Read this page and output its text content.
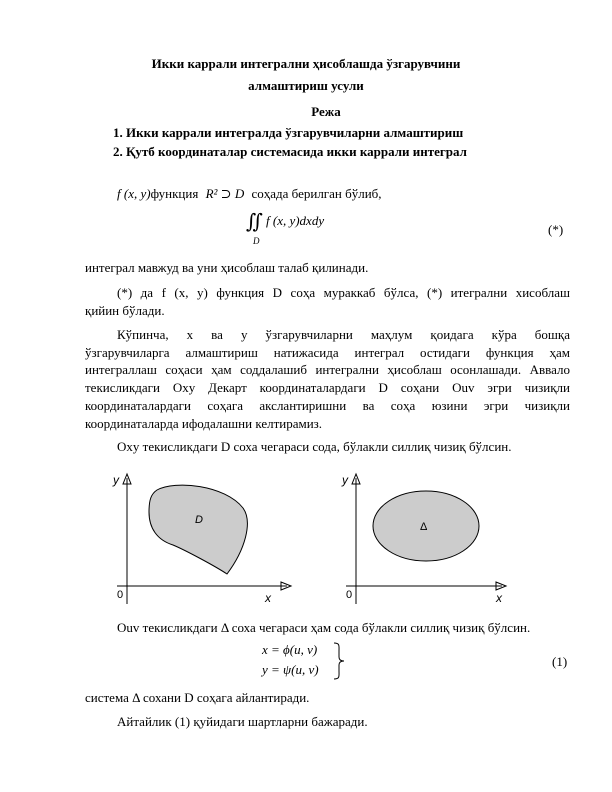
Икки каррали интегрални ҳисоблашда ўзгарувчини
алмаштириш усули
Режа
1. Икки каррали интегралда ўзгарувчиларни алмаштириш
2. Қутб координаталар системасида икки каррали интеграл
f (x, y)функция R² ⊃ D соҳада берилган бўлиб,
∬ f (x, y)dxdy
D
(*)
интеграл мавжуд ва уни ҳисоблаш талаб қилинади.
(*) да f (x, y) функция D соҳа мураккаб бўлса, (*) итегрални хисоблаш
қийин бўлади.
Кўпинча, x ва y ўзгарувчиларни маҳлум қоидага кўра бошқа
ўзгарувчиларга алмаштириш натижасида интеграл остидаги функция ҳам
интеграллаш соҳаси ҳам соддалашиб интегрални ҳисоблаш осонлашади. Аввало
текисликдаги Oxy Декарт координаталардаги D соҳани Ouv эгри чизиқли
координаталардаги соҳага акслантиришни ва соҳа юзини эгри чизиқли
координаталарда ифодалашни келтирамиз.
Oxy текисликдаги D соха чегараси сода, бўлакли силлиқ чизиқ бўлсин.
y
x
0
D
y
x
0
Δ
Ouv текисликдаги Δ соха чегараси ҳам сода бўлакли силлиқ чизиқ бўлсин.
x = ϕ(u, v)
y = ψ(u, v)
(1)
система Δ сохани D соҳага айлантиради.
Айтайлик (1) қуйидаги шартларни бажаради.
